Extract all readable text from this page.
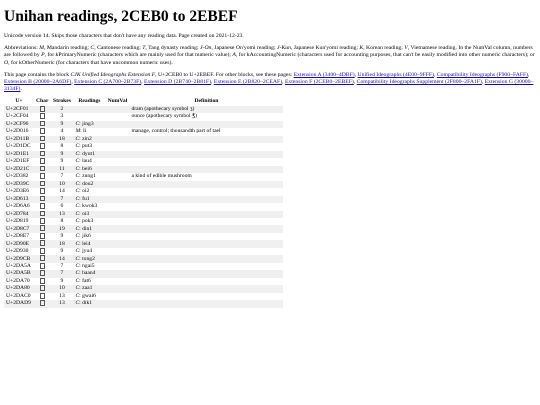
Unihan readings, 2CEB0 to 2EBEF

Unicode version 14. Skips those characters that don't have any reading data. Page created on 2021-12-23.

Abbreviations: M, Mandarin reading; C, Cantonese reading; T, Tang dynasty reading; J-On, Japanese On'yomi reading; J-Kun, Japanese Kun'yomi reading; K, Korean reading; V, Vietnamese reading. In the NumVal column, numbers are followed by P, for kPrimaryNumeric (characters which are mainly used for that numeric value); A, for kAccountingNumeric (characters used for accounting purposes, that can't be easily modified into other numeric characters); or O, for kOtherNumeric (for characters that have uncommon numeric uses).

This page contains the block CJK Unified Ideographs Extension F, U+2CEB0 to U+2EBEF. For other blocks, see these pages: Extension A (3400–4DBF), Unified Ideographs (4E00–9FFF), Compatibility Ideographs (F900–FAFF), Extension B (20000–2A6DF), Extension C (2A700–2B73F), Extension D (2B740–2B81F), Extension E (2B820–2CEAF), Extension F (2CEB0–2EBEF), Compatibility Ideographs Supplement (2F800–2FA1F), Extension G (30000–3134F).

U+	Char	Strokes	Readings	NumVal	Definition
U+2CF01		2			dram (apothecary symbol ʒ)
U+2CF04		3			ounce (apothecary symbol ℥)
U+2CF96		9	C: jing3		
U+2D016		4	M: lì		manage, control; thousandth part of tael
U+2D11B		18	C: zin2		
U+2D1DC		8	C: put3		
U+2D1E1		9	C: dyut1		
U+2D1EF		9	C: lau4		
U+2D21C		11	C: bei6		
U+2D382		7	C: zung1		a kind of edible mushroom
U+2D39C		10	C: dou2		
U+2D3E6		14	C: oi2		
U+2D613		7	C: fu1		
U+2D6A6		6	C: kwok3		
U+2D784		13	C: oi3		
U+2D819		8	C: pok3		
U+2D8C7		19	C: din1		
U+2D8E7		9	C: jik6		
U+2D90E		18	C: lei4		
U+2D930		9	C: jyu4		
U+2D9CB		14	C: tong2		
U+2DA5A		7	C: ngai5		
U+2DA5B		7	C: haan4		
U+2DA70		9	C: fat6		
U+2DA80		10	C: zaa1		
U+2DAC0		13	C: gwai6		
U+2DAD9		13	C: dik1		
